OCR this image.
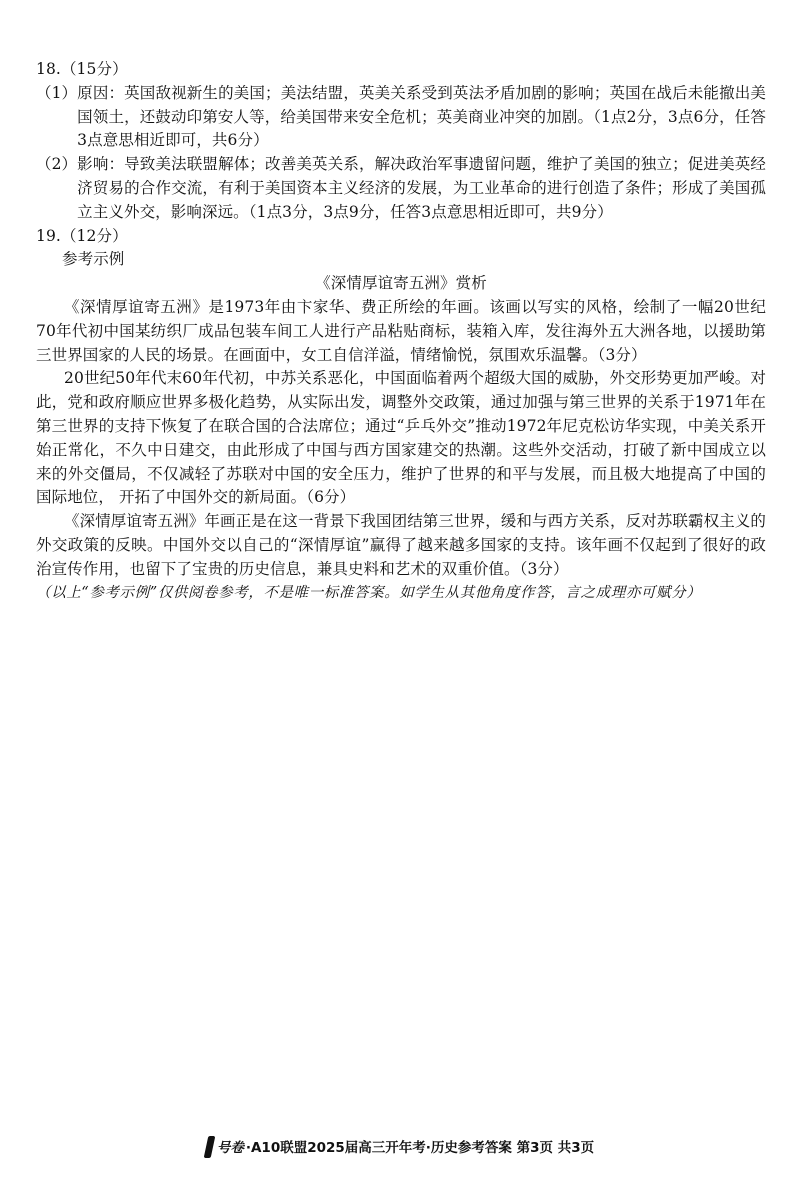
18.（15分）

（1） 原因：英国敌视新生的美国；美法结盟，英美关系受到英法矛盾加剧的影响；英国在战后未能撤出美国领土，还鼓动印第安人等，给美国带来安全危机；英美商业冲突的加剧。（1点2分，3点6分，任答3点意思相近即可，共6分）
（2） 影响：导致美法联盟解体；改善美英关系，解决政治军事遗留问题，维护了美国的独立；促进美英经济贸易的合作交流，有利于美国资本主义经济的发展，为工业革命的进行创造了条件；形成了美国孤立主义外交，影响深远。（1点3分，3点9分，任答3点意思相近即可，共9分）

19.（12分）

参考示例

《深情厚谊寄五洲》赏析

《深情厚谊寄五洲》是1973年由卞家华、费正所绘的年画。该画以写实的风格，绘制了一幅20世纪70年代初中国某纺织厂成品包装车间工人进行产品粘贴商标，装箱入库，发往海外五大洲各地，以援助第三世界国家的人民的场景。在画面中，女工自信洋溢，情绪愉悦，氛围欢乐温馨。（3分）

20世纪50年代末60年代初，中苏关系恶化，中国面临着两个超级大国的威胁，外交形势更加严峻。对此，党和政府顺应世界多极化趋势，从实际出发，调整外交政策，通过加强与第三世界的关系于1971年在第三世界的支持下恢复了在联合国的合法席位；通过“乒乓外交”推动1972年尼克松访华实现，中美关系开始正常化，不久中日建交，由此形成了中国与西方国家建交的热潮。这些外交活动，打破了新中国成立以来的外交僵局，不仅减轻了苏联对中国的安全压力，维护了世界的和平与发展，而且极大地提高了中国的国际地位， 开拓了中国外交的新局面。（6分）

《深情厚谊寄五洲》年画正是在这一背景下我国团结第三世界，缓和与西方关系，反对苏联霸权主义的外交政策的反映。中国外交以自己的“深情厚谊”赢得了越来越多国家的支持。该年画不仅起到了很好的政治宣传作用，也留下了宝贵的历史信息，兼具史料和艺术的双重价值。（3分）

（以上“参考示例”仅供阅卷参考，不是唯一标准答案。如学生从其他角度作答，言之成理亦可赋分）

号卷 ·A10联盟2025届高三开年考·历史参考答案 第3页 共3页
